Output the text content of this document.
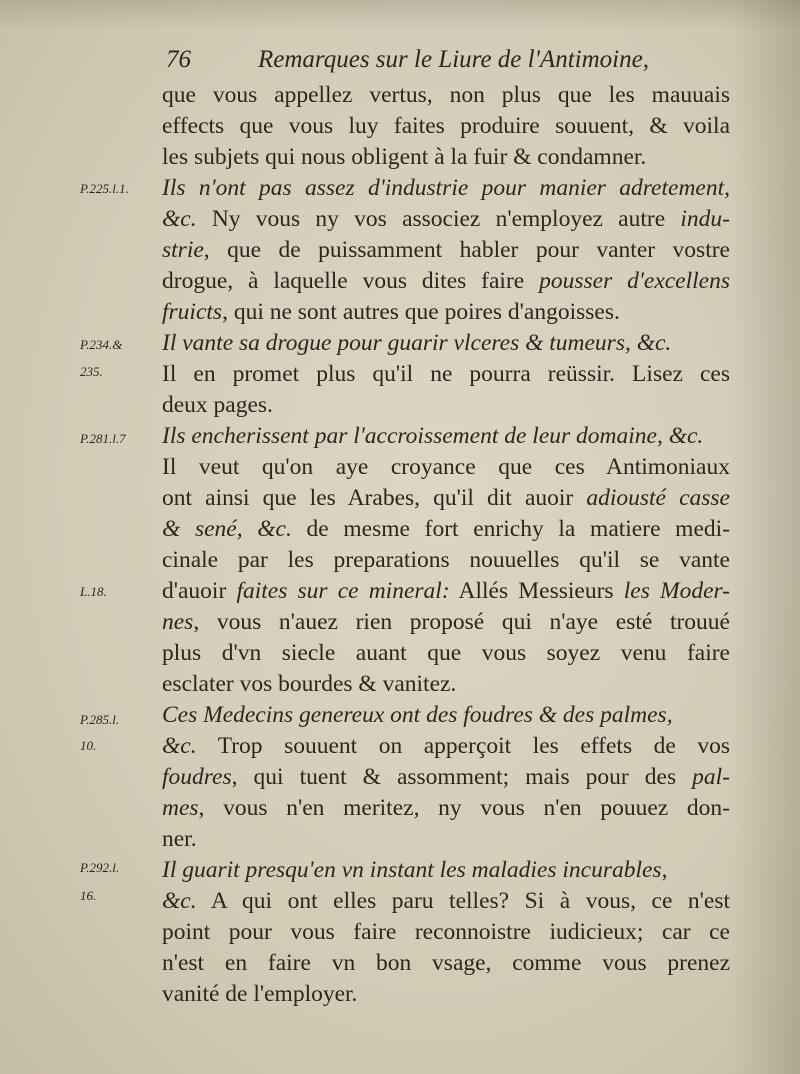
76	Remarques sur le Liure de l'Antimoine,
P.225.l.1.
P.234.&
235.
P.281.l.7
L.18.
P.285.l.
10.
P.292.l.
16.
que vous appellez vertus, non plus que les mauuais
effects que vous luy faites produire souuent, & voila
les subjets qui nous obligent à la fuir & condamner.
Ils n'ont pas assez d'industrie pour manier adretement,
&c. Ny vous ny vos associez n'employez autre indu-
strie, que de puissamment habler pour vanter vostre
drogue, à laquelle vous dites faire pousser d'excellens
fruicts, qui ne sont autres que poires d'angoisses.
Il vante sa drogue pour guarir vlceres & tumeurs, &c.
Il en promet plus qu'il ne pourra reüssir. Lisez ces
deux pages.
Ils encherissent par l'accroissement de leur domaine, &c.
Il veut qu'on aye croyance que ces Antimoniaux
ont ainsi que les Arabes, qu'il dit auoir adiousté casse
& sené, &c. de mesme fort enrichy la matiere medi-
cinale par les preparations nouuelles qu'il se vante
d'auoir faites sur ce mineral: Allés Messieurs les Moder-
nes, vous n'auez rien proposé qui n'aye esté trouué
plus d'vn siecle auant que vous soyez venu faire
esclater vos bourdes & vanitez.
Ces Medecins genereux ont des foudres & des palmes,
&c. Trop souuent on apperçoit les effets de vos
foudres, qui tuent & assomment; mais pour des pal-
mes, vous n'en meritez, ny vous n'en pouuez don-
ner.
Il guarit presqu'en vn instant les maladies incurables,
&c. A qui ont elles paru telles? Si à vous, ce n'est
point pour vous faire reconnoistre iudicieux; car ce
n'est en faire vn bon vsage, comme vous prenez
vanité de l'employer.
